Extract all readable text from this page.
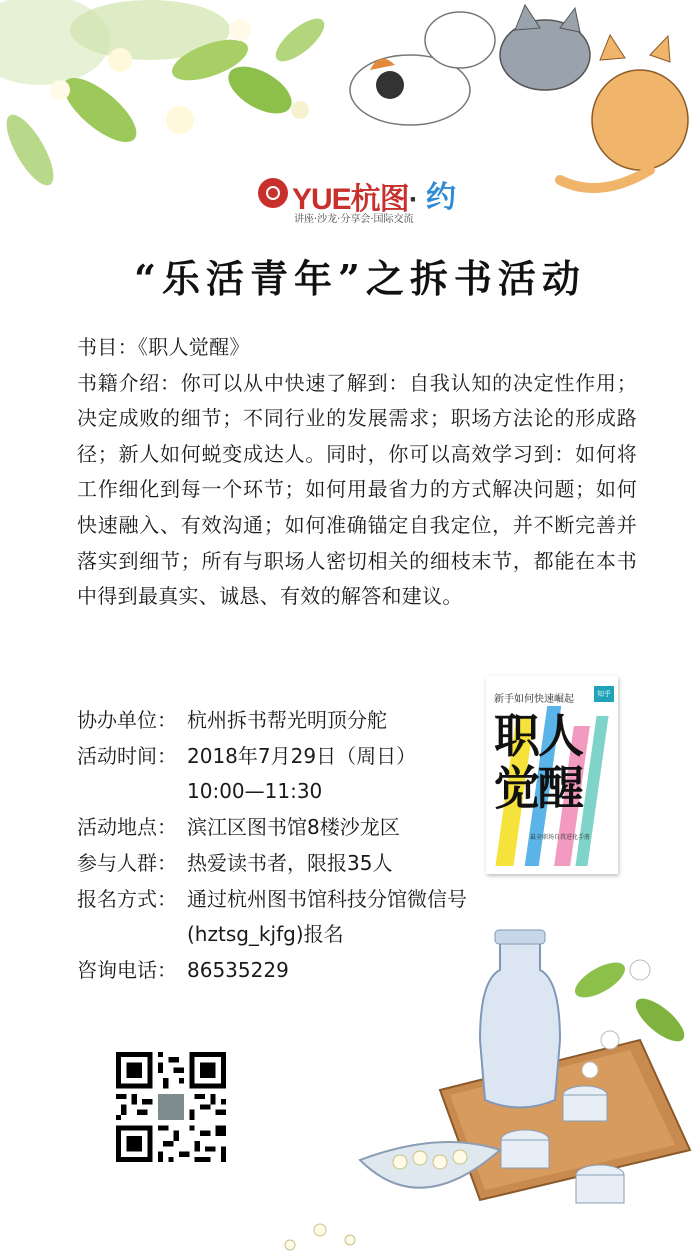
YUE杭图· 约
讲座·沙龙·分享会·国际交流
“乐活青年”之拆书活动

书目：《职人觉醒》

书籍介绍：你可以从中快速了解到：自我认知的决定性作用；决定成败的细节；不同行业的发展需求；职场方法论的形成路径；新人如何蜕变成达人。同时，你可以高效学习到：如何将工作细化到每一个环节；如何用最省力的方式解决问题；如何快速融入、有效沟通；如何准确锚定自我定位，并不断完善并落实到细节；所有与职场人密切相关的细枝末节，都能在本书中得到最真实、诚恳、有效的解答和建议。

协办单位： 杭州拆书帮光明顶分舵
活动时间： 2018年7月29日（周日）
10:00—11:30
活动地点： 滨江区图书馆8楼沙龙区
参与人群： 热爱读书者，限报35人
报名方式： 通过杭州图书馆科技分馆微信号
(hztsg_kjfg)报名
咨询电话： 86535229
新手如何快速崛起	知乎
职人
觉醒
最全职场自我进化手册
